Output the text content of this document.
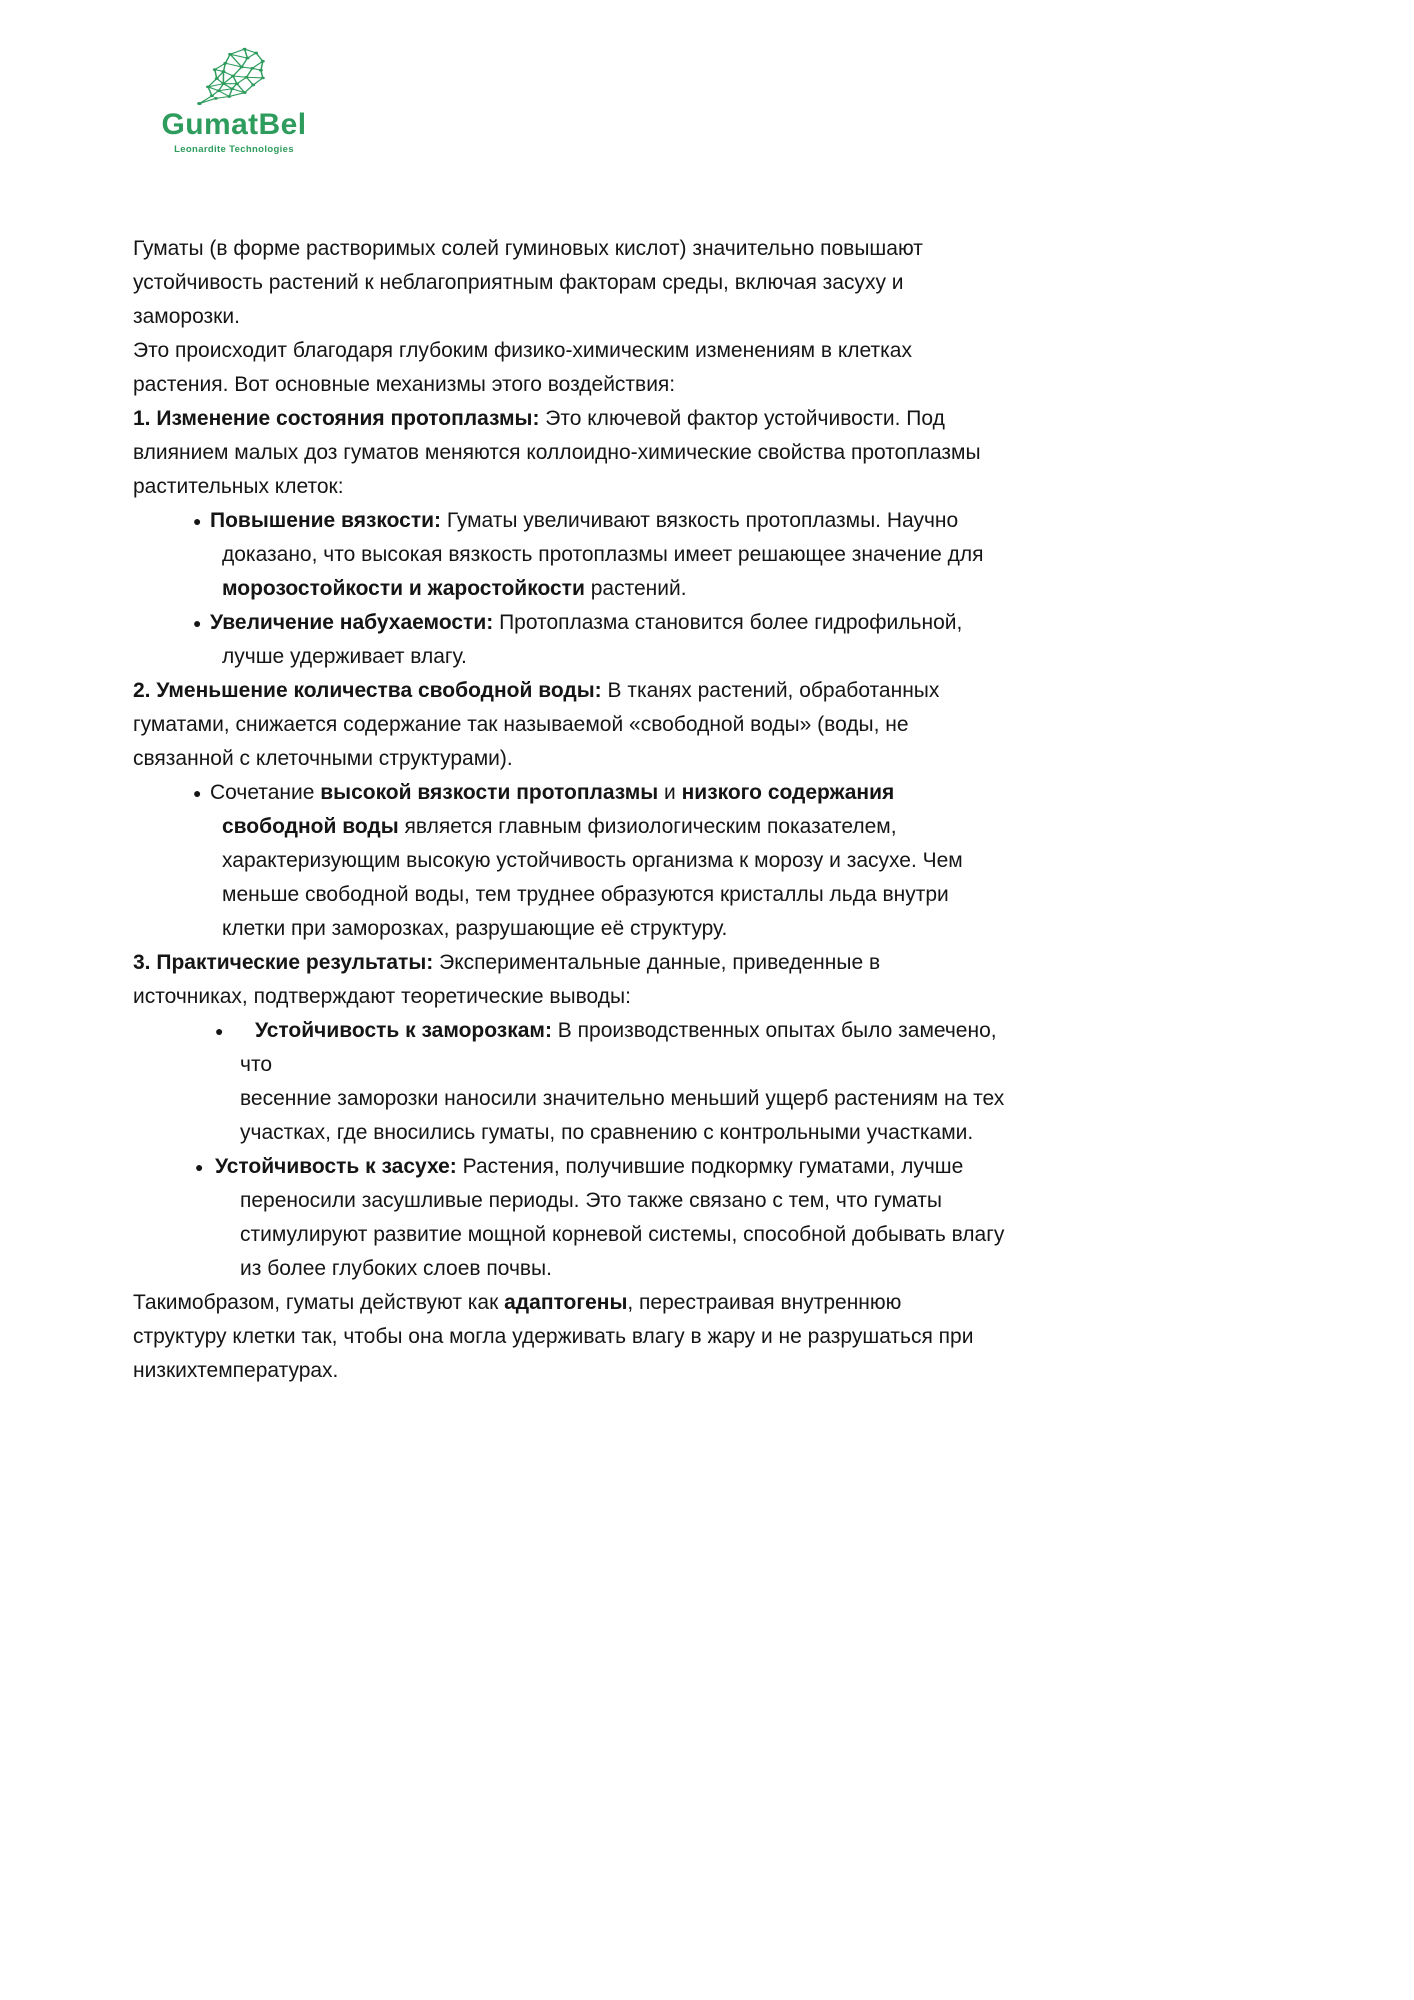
GumatBel
Leonardite Technologies

Гуматы (в форме растворимых солей гуминовых кислот) значительно повышают
устойчивость растений к неблагоприятным факторам среды, включая засуху и
заморозки.

Это происходит благодаря глубоким физико-химическим изменениям в клетках
растения. Вот основные механизмы этого воздействия:

1. Изменение состояния протоплазмы: Это ключевой фактор устойчивости. Под
влиянием малых доз гуматов меняются коллоидно-химические свойства протоплазмы
растительных клеток:

● Повышение вязкости: Гуматы увеличивают вязкость протоплазмы. Научно
доказано, что высокая вязкость протоплазмы имеет решающее значение для
морозостойкости и жаростойкости растений.
● Увеличение набухаемости: Протоплазма становится более гидрофильной,
лучше удерживает влагу.

2. Уменьшение количества свободной воды: В тканях растений, обработанных
гуматами, снижается содержание так называемой «свободной воды» (воды, не
связанной с клеточными структурами).

● Сочетание высокой вязкости протоплазмы и низкого содержания
свободной воды является главным физиологическим показателем,
характеризующим высокую устойчивость организма к морозу и засухе. Чем
меньше свободной воды, тем труднее образуются кристаллы льда внутри
клетки при заморозках, разрушающие её структуру.

3. Практические результаты: Экспериментальные данные, приведенные в
источниках, подтверждают теоретические выводы:

● Устойчивость к заморозкам: В производственных опытах было замечено, что
весенние заморозки наносили значительно меньший ущерб растениям на тех
участках, где вносились гуматы, по сравнению с контрольными участками.
● Устойчивость к засухе: Растения, получившие подкормку гуматами, лучше
переносили засушливые периоды. Это также связано с тем, что гуматы
стимулируют развитие мощной корневой системы, способной добывать влагу
из более глубоких слоев почвы.

Такимобразом, гуматы действуют как адаптогены, перестраивая внутреннюю
структуру клетки так, чтобы она могла удерживать влагу в жару и не разрушаться при
низкихтемпературах.
